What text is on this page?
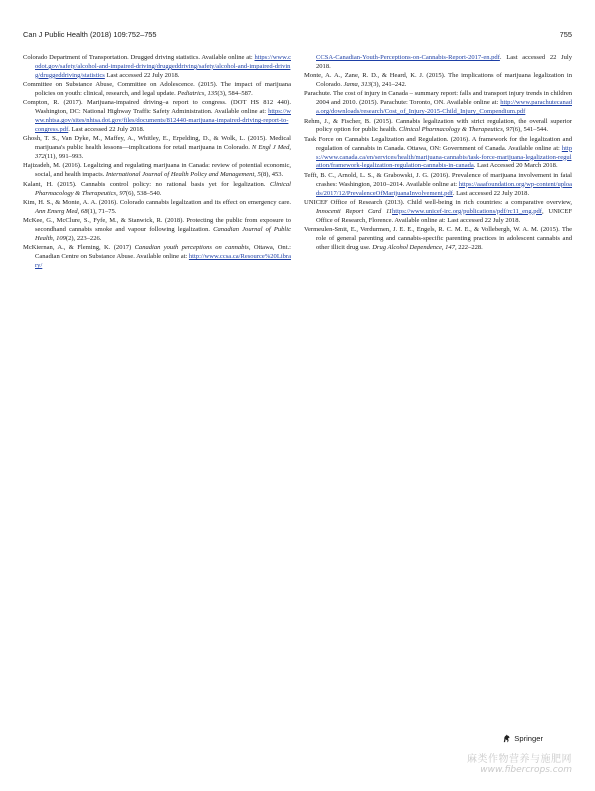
Can J Public Health (2018) 109:752–755	755

Colorado Department of Transportation. Drugged driving statistics. Available online at: https://www.codot.gov/safety/alcohol-and-impaired-driving/druggeddriving/safety/alcohol-and-impaired-driving/druggeddriving/statistics Last accessed 22 July 2018.

Committee on Substance Abuse, Committee on Adolescence. (2015). The impact of marijuana policies on youth: clinical, research, and legal update. Pediatrics, 135(3), 584–587.

Compton, R. (2017). Marijuana-impaired driving–a report to congress. (DOT HS 812 440). Washington, DC: National Highway Traffic Safety Administration. Available online at: https://www.nhtsa.gov/sites/nhtsa.dot.gov/files/documents/812440-marijuana-impaired-driving-report-to-congress.pdf. Last accessed 22 July 2018.

Ghosh, T. S., Van Dyke, M., Maffey, A., Whitley, E., Erpelding, D., & Wolk, L. (2015). Medical marijuana's public health lessons—implications for retail marijuana in Colorado. N Engl J Med, 372(11), 991–993.

Hajizadeh, M. (2016). Legalizing and regulating marijuana in Canada: review of potential economic, social, and health impacts. International Journal of Health Policy and Management, 5(8), 453.

Kalant, H. (2015). Cannabis control policy: no rational basis yet for legalization. Clinical Pharmacology & Therapeutics, 97(6), 538–540.

Kim, H. S., & Monte, A. A. (2016). Colorado cannabis legalization and its effect on emergency care. Ann Emerg Med, 68(1), 71–75.

McKee, G., McClure, S., Fyfe, M., & Stanwick, R. (2018). Protecting the public from exposure to secondhand cannabis smoke and vapour following legalization. Canadian Journal of Public Health, 109(2), 223–226.

McKiernan, A., & Fleming, K. (2017) Canadian youth perceptions on cannabis, Ottawa, Ont.: Canadian Centre on Substance Abuse. Available online at: http://www.ccsa.ca/Resource%20Library/

CCSA-Canadian-Youth-Perceptions-on-Cannabis-Report-2017-en.pdf. Last accessed 22 July 2018.

Monte, A. A., Zane, R. D., & Heard, K. J. (2015). The implications of marijuana legalization in Colorado. Jama, 313(3), 241–242.

Parachute. The cost of injury in Canada – summary report: falls and transport injury trends in children 2004 and 2010. (2015). Parachute: Toronto, ON. Available online at: http://www.parachutecanada.org/downloads/research/Cost_of_Injury-2015-Child_Injury_Compendium.pdf

Rehm, J., & Fischer, B. (2015). Cannabis legalization with strict regulation, the overall superior policy option for public health. Clinical Pharmacology & Therapeutics, 97(6), 541–544.

Task Force on Cannabis Legalization and Regulation. (2016). A framework for the legalization and regulation of cannabis in Canada. Ottawa, ON: Government of Canada. Available online at: https://www.canada.ca/en/services/health/marijuana-cannabis/task-force-marijuana-legalization-regulation/framework-legalization-regulation-cannabis-in-canada. Last Accessed 20 March 2018.

Tefft, B. C., Arnold, L. S., & Grabowski, J. G. (2016). Prevalence of marijuana involvement in fatal crashes: Washington, 2010–2014. Available online at: https://aaafoundation.org/wp-content/uploads/2017/12/PrevalenceOfMarijuanaInvolvement.pdf. Last accessed 22 July 2018.

UNICEF Office of Research (2013). Child well-being in rich countries: a comparative overview, Innocenti Report Card 11https://www.unicef-irc.org/publications/pdf/rc11_eng.pdf, UNICEF Office of Research, Florence. Available online at: Last accessed 22 July 2018.

Vermeulen-Smit, E., Verdurmen, J. E. E., Engels, R. C. M. E., & Vollebergh, W. A. M. (2015). The role of general parenting and cannabis-specific parenting practices in adolescent cannabis and other illicit drug use. Drug Alcohol Dependence, 147, 222–228.

Springer
麻类作物营养与施肥网
www.fibercrops.com
